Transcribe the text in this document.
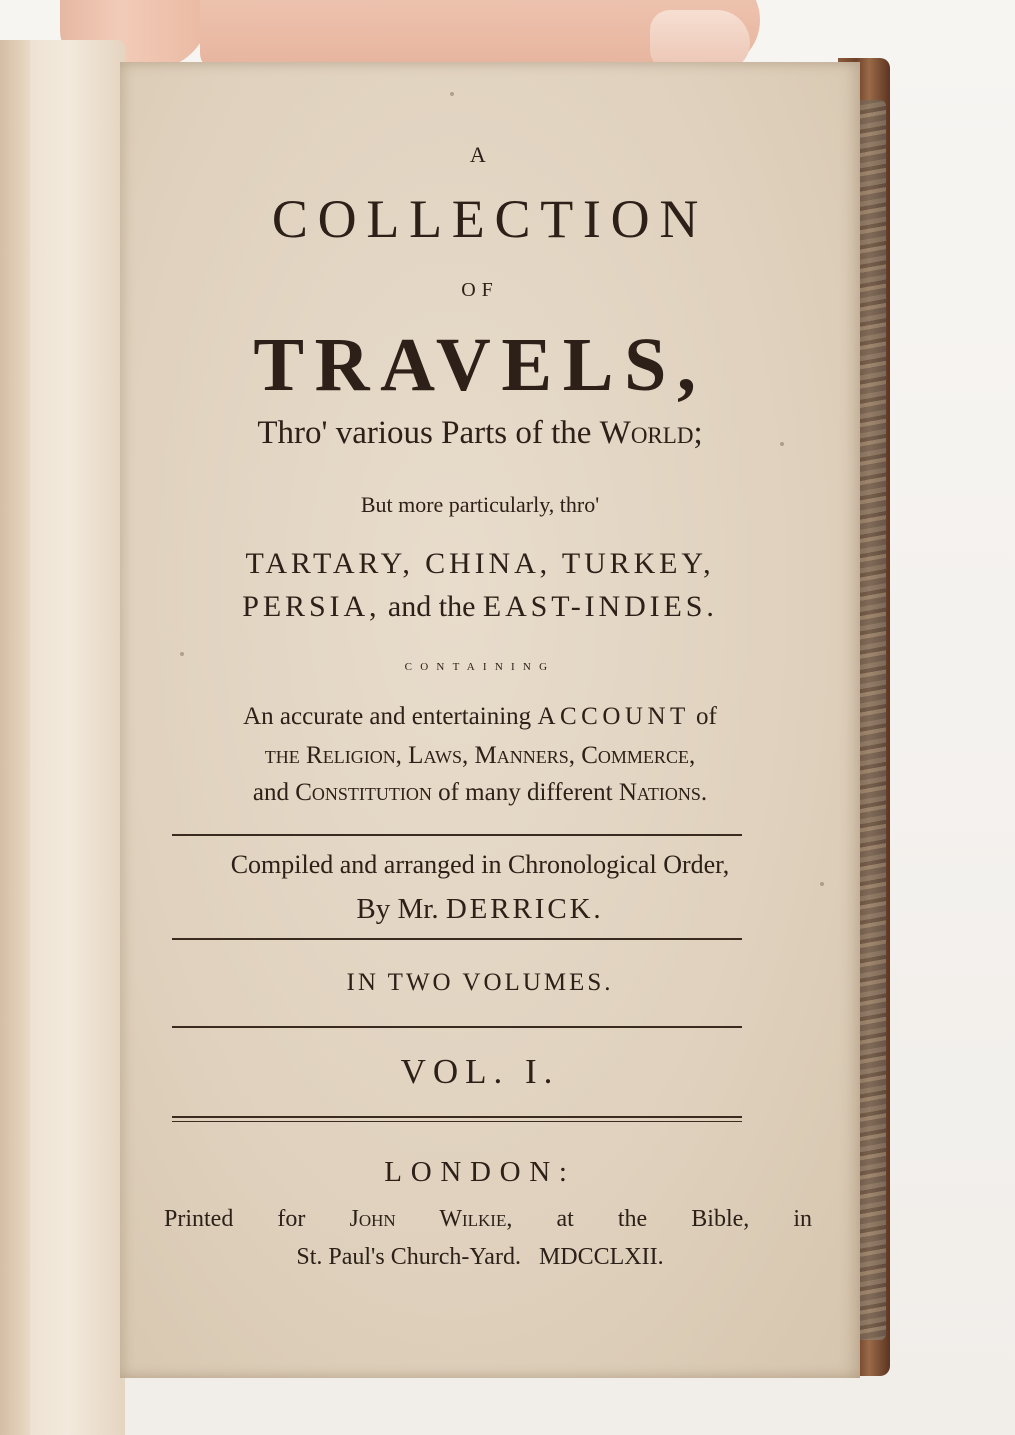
A
COLLECTION
OF
TRAVELS,
Thro' various Parts of the World;
But more particularly, thro'
TARTARY, CHINA, TURKEY,
PERSIA, and the EAST-INDIES.
containing
An accurate and entertaining ACCOUNT of
the Religion, Laws, Manners, Commerce,
and Constitution of many different Nations.
Compiled and arranged in Chronological Order,
By Mr. DERRICK.
IN TWO VOLUMES.
VOL. I.
LONDON:
Printed for John Wilkie, at the Bible, in
St. Paul's Church-Yard. MDCCLXII.
